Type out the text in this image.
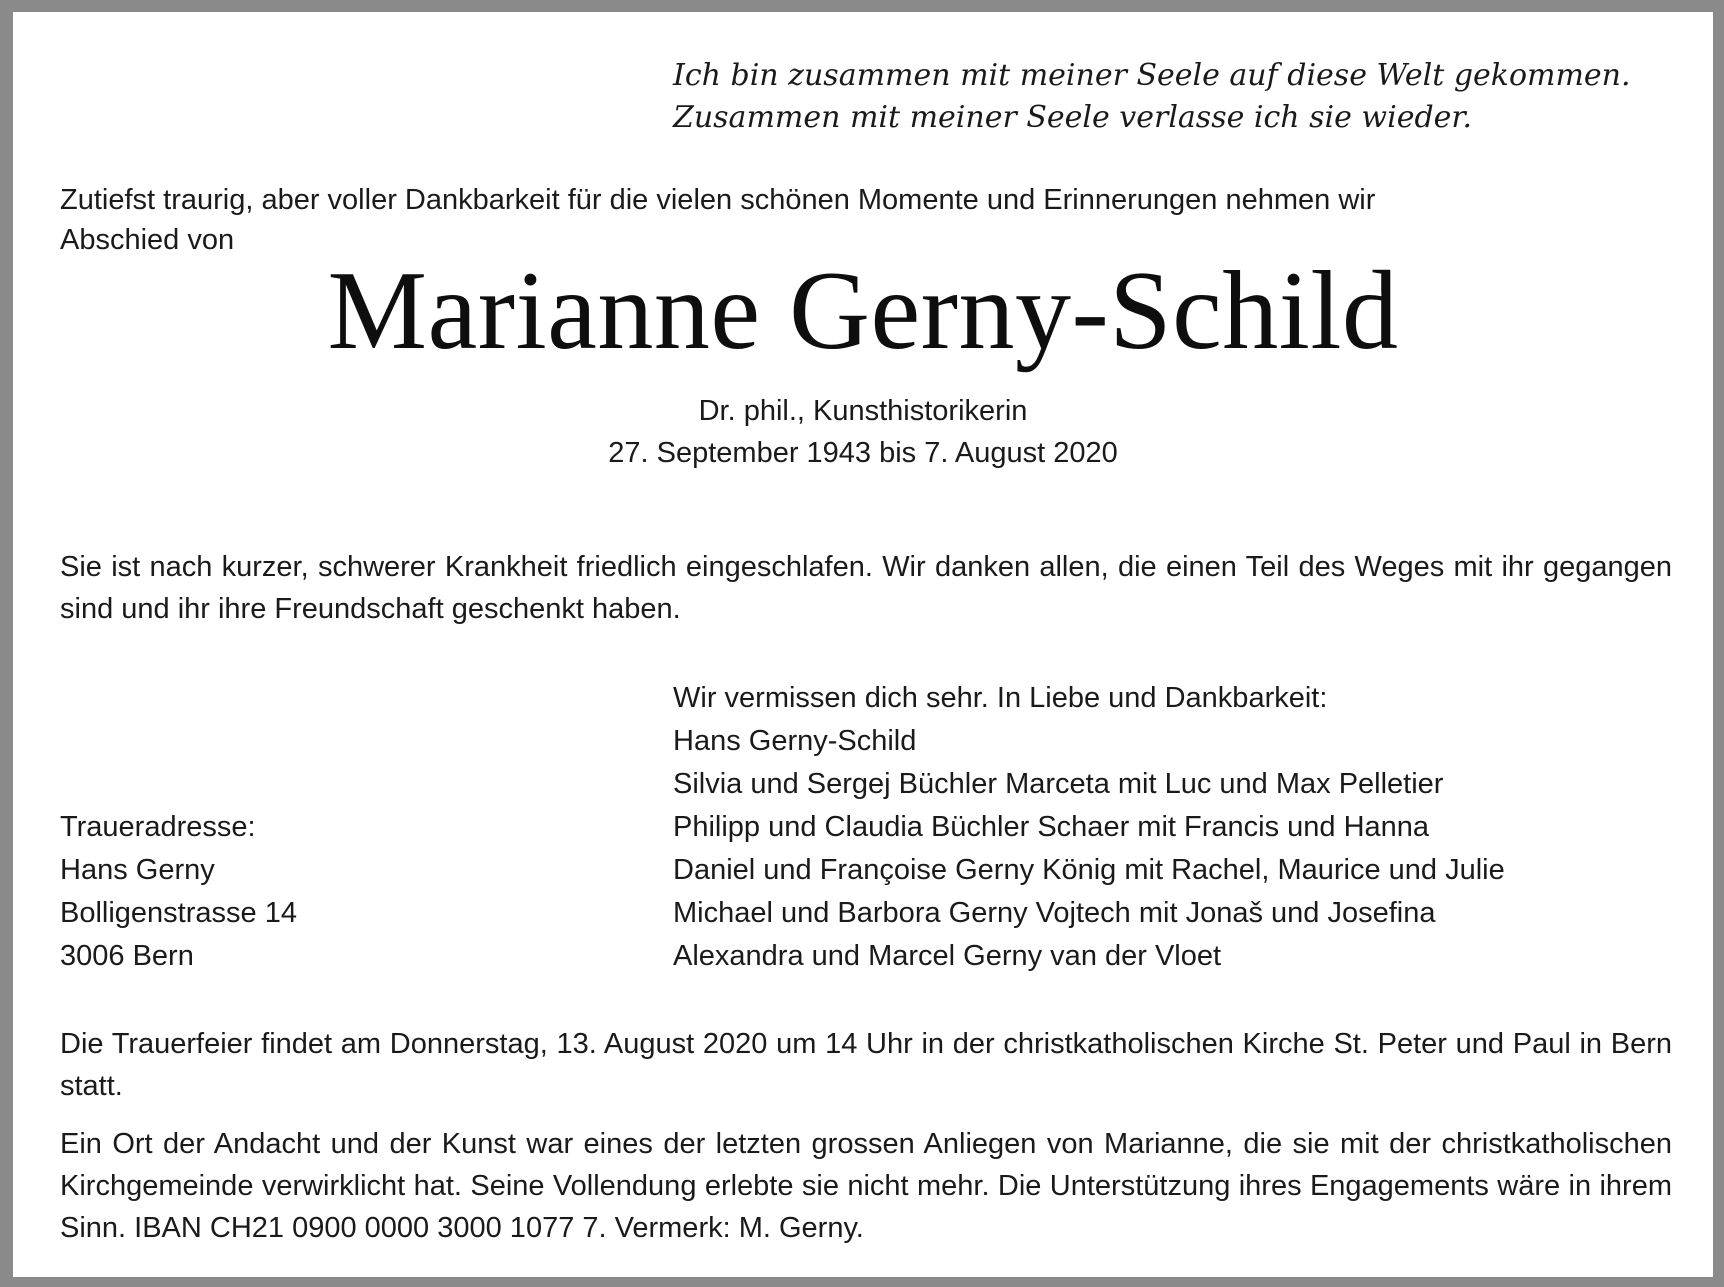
Ich bin zusammen mit meiner Seele auf diese Welt gekommen.
Zusammen mit meiner Seele verlasse ich sie wieder.
Zutiefst traurig, aber voller Dankbarkeit für die vielen schönen Momente und Erinnerungen nehmen wir
Abschied von
Marianne Gerny-Schild
Dr. phil., Kunsthistorikerin
27. September 1943 bis 7. August 2020
Sie ist nach kurzer, schwerer Krankheit friedlich eingeschlafen. Wir danken allen, die einen Teil des Weges mit ihr gegangen sind und ihr ihre Freundschaft geschenkt haben.
Wir vermissen dich sehr. In Liebe und Dankbarkeit:
Hans Gerny-Schild
Silvia und Sergej Büchler Marceta mit Luc und Max Pelletier
Philipp und Claudia Büchler Schaer mit Francis und Hanna
Daniel und Françoise Gerny König mit Rachel, Maurice und Julie
Michael und Barbora Gerny Vojtech mit Jonaš und Josefina
Alexandra und Marcel Gerny van der Vloet
Traueradresse:
Hans Gerny
Bolligenstrasse 14
3006 Bern
Die Trauerfeier findet am Donnerstag, 13. August 2020 um 14 Uhr in der christkatholischen Kirche St. Peter und Paul in Bern statt.
Ein Ort der Andacht und der Kunst war eines der letzten grossen Anliegen von Marianne, die sie mit der christkatholischen Kirchgemeinde verwirklicht hat. Seine Vollendung erlebte sie nicht mehr. Die Unterstützung ihres Engagements wäre in ihrem Sinn. IBAN CH21 0900 0000 3000 1077 7. Vermerk: M. Gerny.
